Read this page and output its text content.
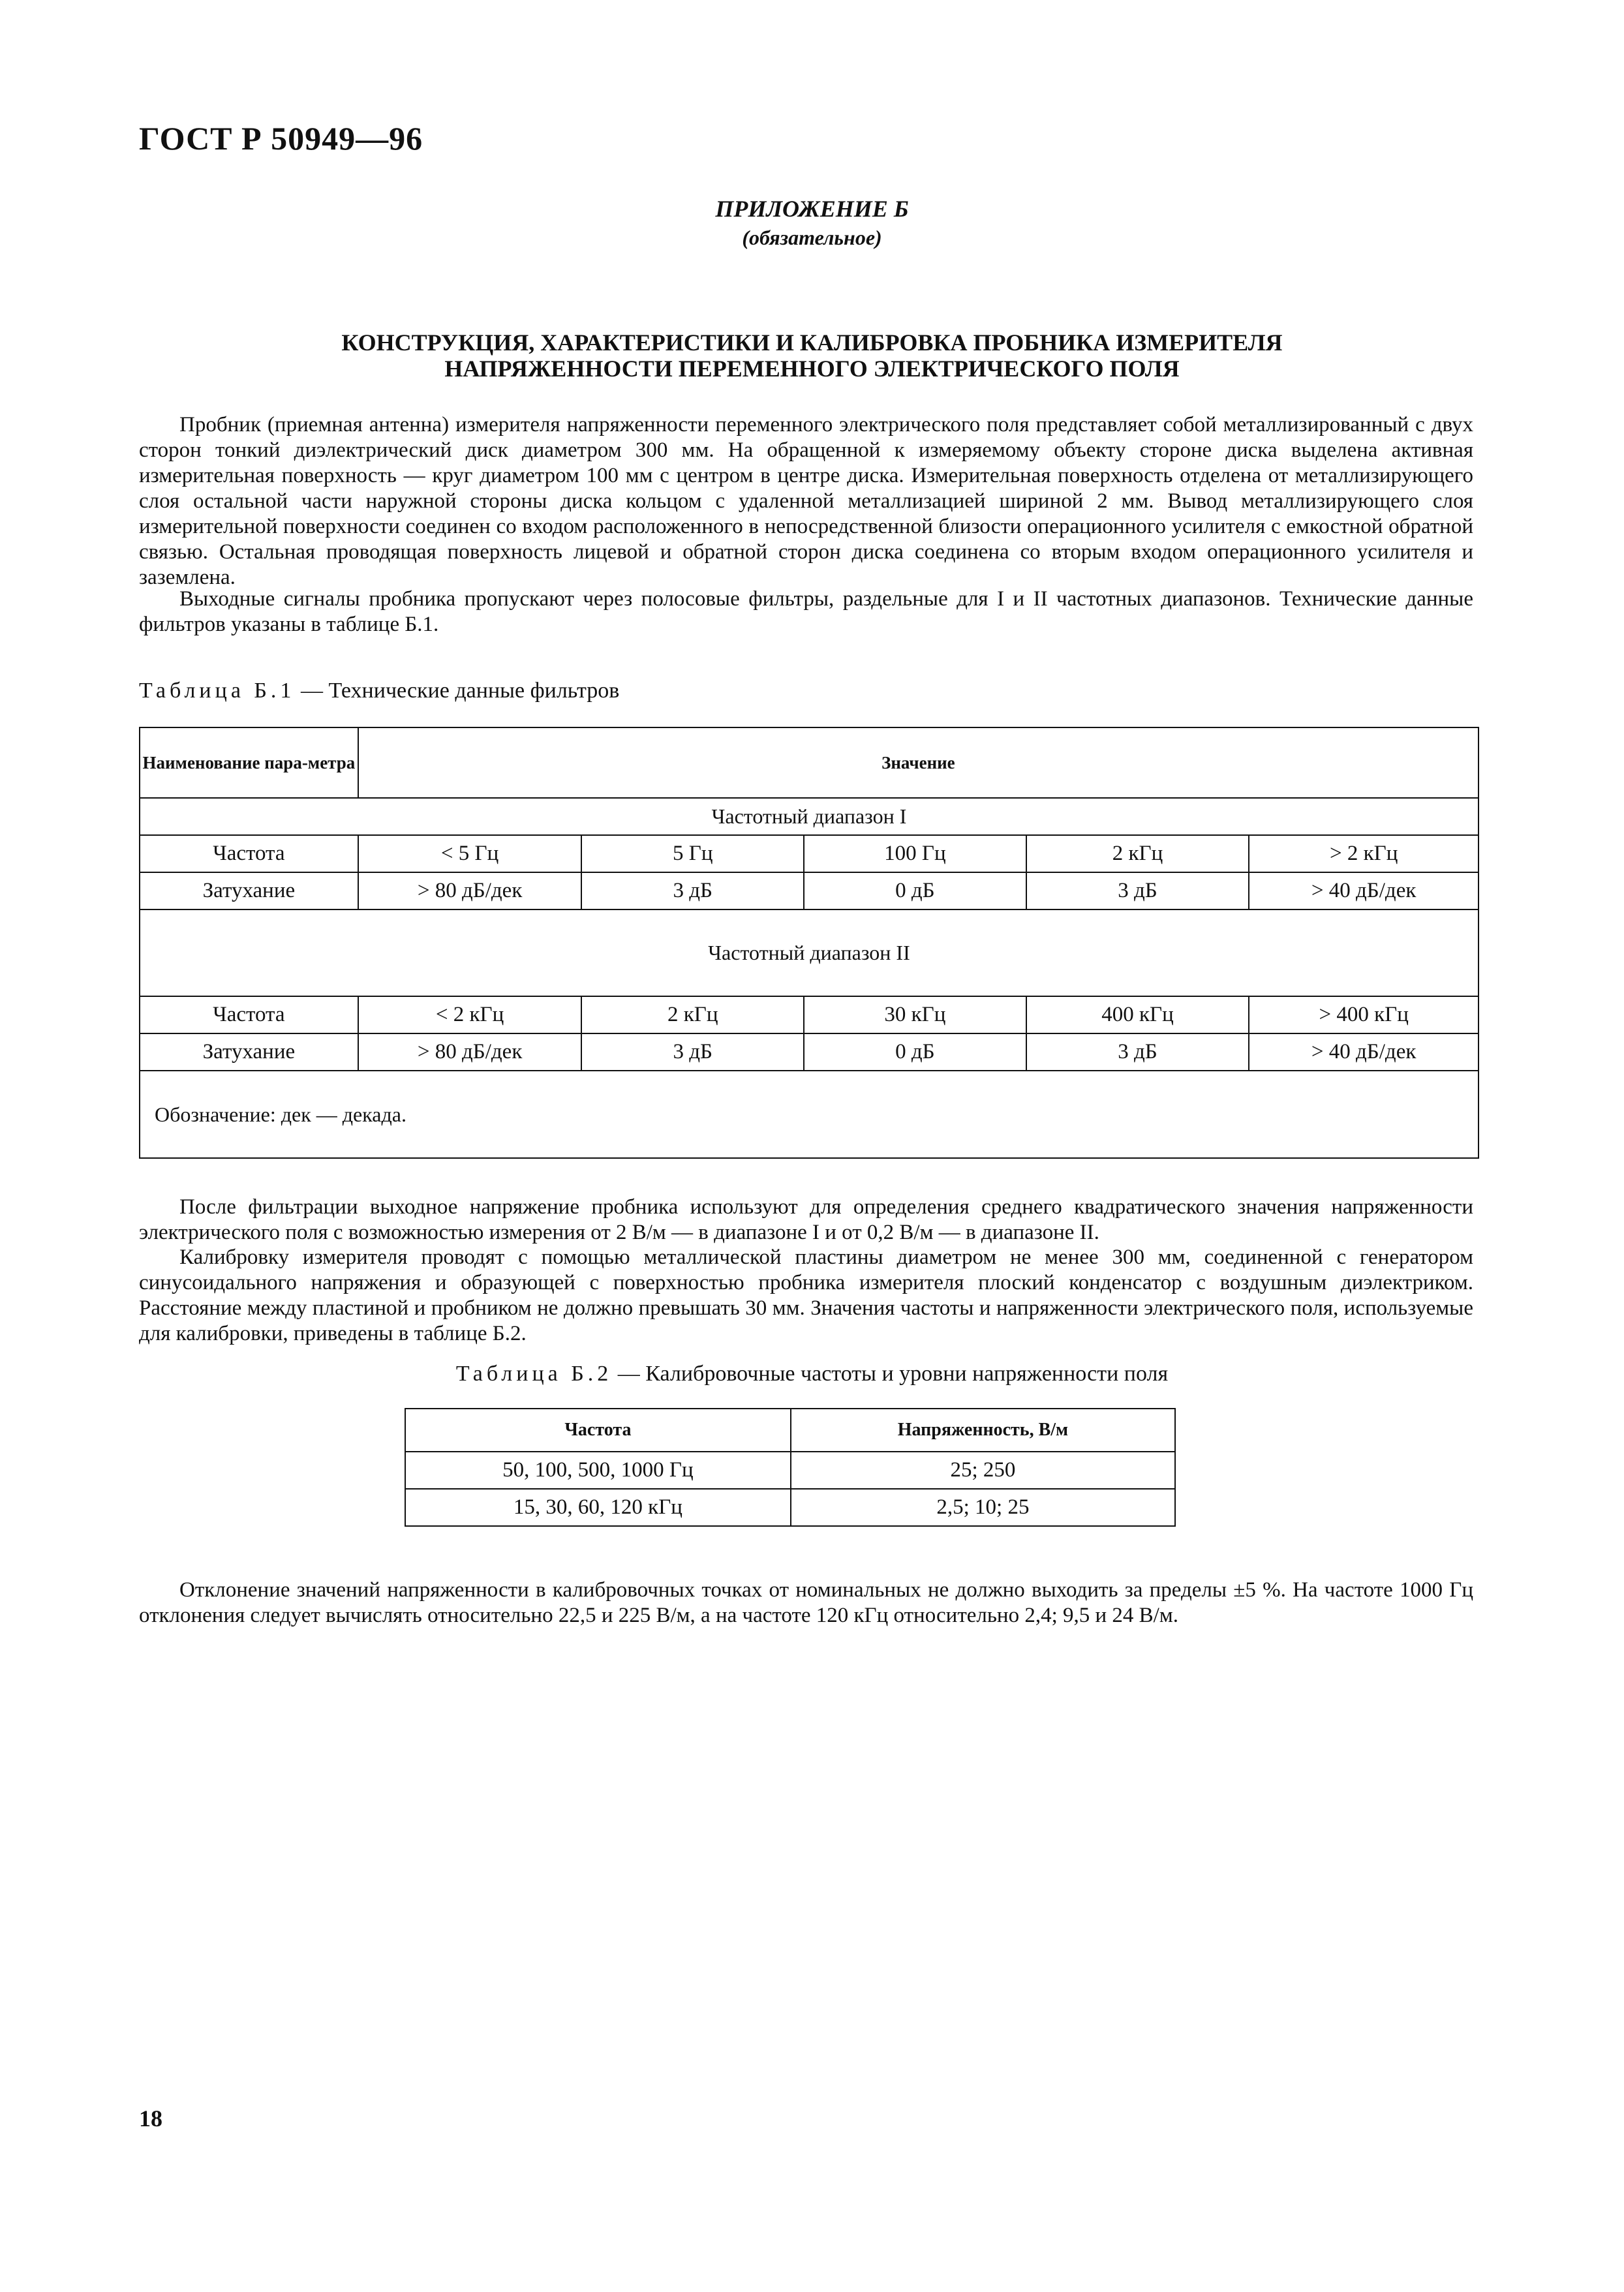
ГОСТ Р 50949—96
ПРИЛОЖЕНИЕ Б
(обязательное)
КОНСТРУКЦИЯ, ХАРАКТЕРИСТИКИ И КАЛИБРОВКА ПРОБНИКА ИЗМЕРИТЕЛЯ
НАПРЯЖЕННОСТИ ПЕРЕМЕННОГО ЭЛЕКТРИЧЕСКОГО ПОЛЯ
Пробник (приемная антенна) измерителя напряженности переменного электрического поля представляет собой металлизированный с двух сторон тонкий диэлектрический диск диаметром 300 мм. На обращенной к измеряемому объекту стороне диска выделена активная измерительная поверхность — круг диаметром 100 мм с центром в центре диска. Измерительная поверхность отделена от металлизирующего слоя остальной части наружной стороны диска кольцом с удаленной металлизацией шириной 2 мм. Вывод металлизирующего слоя измерительной поверхности соединен со входом расположенного в непосредственной близости операционного усилителя с емкостной обратной связью. Остальная проводящая поверхность лицевой и обратной сторон диска соединена со вторым входом операционного усилителя и заземлена.
Выходные сигналы пробника пропускают через полосовые фильтры, раздельные для I и II частотных диапазонов. Технические данные фильтров указаны в таблице Б.1.
Таблица Б.1 — Технические данные фильтров
Наименование пара-метра	Значение				
Частотный диапазон I					
Частота	< 5 Гц	5 Гц	100 Гц	2 кГц	> 2 кГц
Затухание	> 80 дБ/дек	3 дБ	0 дБ	3 дБ	> 40 дБ/дек
Частотный диапазон II					
Частота	< 2 кГц	2 кГц	30 кГц	400 кГц	> 400 кГц
Затухание	> 80 дБ/дек	3 дБ	0 дБ	3 дБ	> 40 дБ/дек
Обозначение: дек — декада.					
После фильтрации выходное напряжение пробника используют для определения среднего квадратического значения напряженности электрического поля с возможностью измерения от 2 В/м — в диапазоне I и от 0,2 В/м — в диапазоне II.
Калибровку измерителя проводят с помощью металлической пластины диаметром не менее 300 мм, соединенной с генератором синусоидального напряжения и образующей с поверхностью пробника измерителя плоский конденсатор с воздушным диэлектриком. Расстояние между пластиной и пробником не должно превышать 30 мм. Значения частоты и напряженности электрического поля, используемые для калибровки, приведены в таблице Б.2.
Таблица Б.2 — Калибровочные частоты и уровни напряженности поля
Частота	Напряженность, В/м
50, 100, 500, 1000 Гц	25; 250
15, 30, 60, 120 кГц	2,5; 10; 25
Отклонение значений напряженности в калибровочных точках от номинальных не должно выходить за пределы ±5 %. На частоте 1000 Гц отклонения следует вычислять относительно 22,5 и 225 В/м, а на частоте 120 кГц относительно 2,4; 9,5 и 24 В/м.
18
